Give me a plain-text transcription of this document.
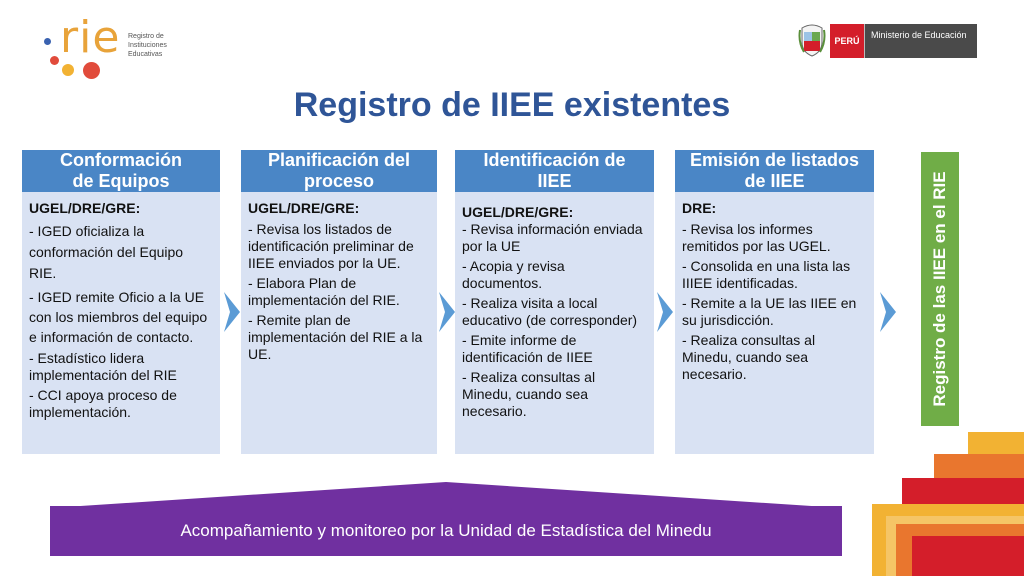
rie Registro de Instituciones Educativas
PERÚ
Ministerio de Educación
Registro de IIEE existentes
Conformación de Equipos
UGEL/DRE/GRE:
- IGED oficializa la conformación del Equipo RIE.
- IGED remite Oficio a la UE con los miembros del equipo e información de contacto.
- Estadístico lidera implementación del RIE
- CCI apoya proceso de implementación.
Planificación del proceso
UGEL/DRE/GRE:
- Revisa los listados de identificación preliminar de IIEE enviados por la UE.
- Elabora Plan de implementación del RIE.
- Remite plan de implementación del RIE a la UE.
Identificación de IIEE
UGEL/DRE/GRE:
- Revisa información enviada por la UE
- Acopia y revisa documentos.
- Realiza visita a local educativo (de corresponder)
- Emite informe de identificación de IIEE
- Realiza consultas al Minedu, cuando sea necesario.
Emisión de listados de IIEE
DRE:
- Revisa los informes remitidos por las UGEL.
- Consolida en una lista las IIIEE identificadas.
- Remite a la UE las IIEE en su jurisdicción.
- Realiza consultas al Minedu, cuando sea necesario.	Registro de las IIEE en el RIE
Acompañamiento y monitoreo por la Unidad de Estadística del Minedu
